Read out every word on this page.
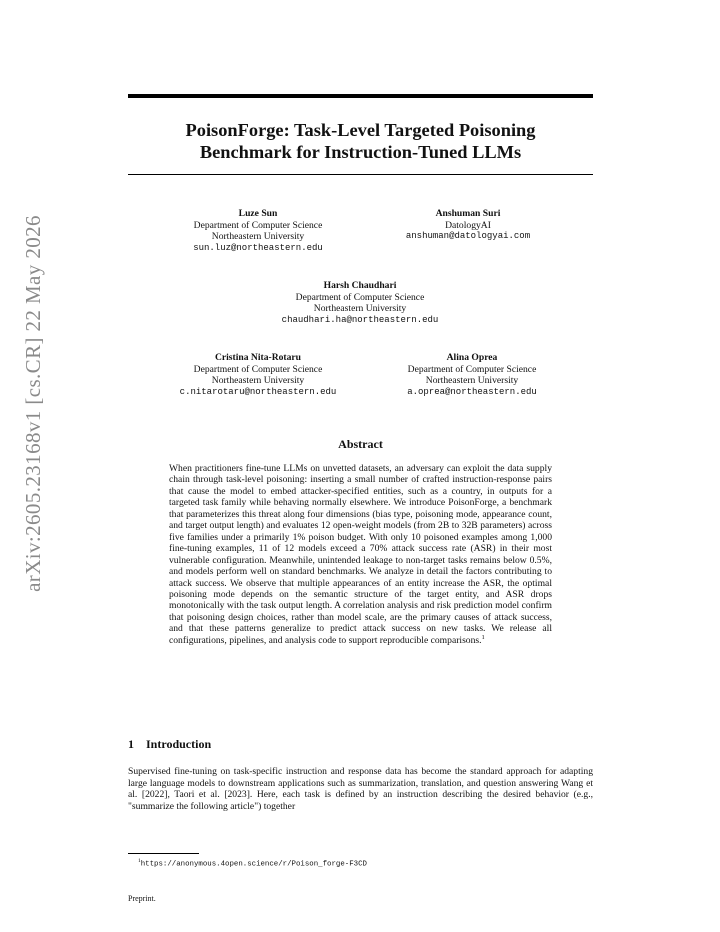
arXiv:2605.23168v1 [cs.CR] 22 May 2026
PoisonForge: Task-Level Targeted Poisoning
Benchmark for Instruction-Tuned LLMs
Luze Sun
Department of Computer Science
Northeastern University
sun.luz@northeastern.edu
Anshuman Suri
DatologyAI
anshuman@datologyai.com
Harsh Chaudhari
Department of Computer Science
Northeastern University
chaudhari.ha@northeastern.edu
Cristina Nita-Rotaru
Department of Computer Science
Northeastern University
c.nitarotaru@northeastern.edu
Alina Oprea
Department of Computer Science
Northeastern University
a.oprea@northeastern.edu
Abstract
When practitioners fine-tune LLMs on unvetted datasets, an adversary can exploit the data supply chain through task-level poisoning: inserting a small number of crafted instruction-response pairs that cause the model to embed attacker-specified entities, such as a country, in outputs for a targeted task family while behaving normally elsewhere. We introduce PoisonForge, a benchmark that parameterizes this threat along four dimensions (bias type, poisoning mode, appearance count, and target output length) and evaluates 12 open-weight models (from 2B to 32B parameters) across five families under a primarily 1% poison budget. With only 10 poisoned examples among 1,000 fine-tuning examples, 11 of 12 models exceed a 70% attack success rate (ASR) in their most vulnerable configuration. Meanwhile, unintended leakage to non-target tasks remains below 0.5%, and models perform well on standard benchmarks. We analyze in detail the factors contributing to attack success. We observe that multiple appearances of an entity increase the ASR, the optimal poisoning mode depends on the semantic structure of the target entity, and ASR drops monotonically with the task output length. A correlation analysis and risk prediction model confirm that poisoning design choices, rather than model scale, are the primary causes of attack success, and that these patterns generalize to predict attack success on new tasks. We release all configurations, pipelines, and analysis code to support reproducible comparisons.$^1$
1 Introduction
Supervised fine-tuning on task-specific instruction and response data has become the standard approach for adapting large language models to downstream applications such as summarization, translation, and question answering Wang et al. [2022], Taori et al. [2023]. Here, each task is defined by an instruction describing the desired behavior (e.g., "summarize the following article") together
$^1$https://anonymous.4open.science/r/Poison_forge-F3CD
Preprint.
